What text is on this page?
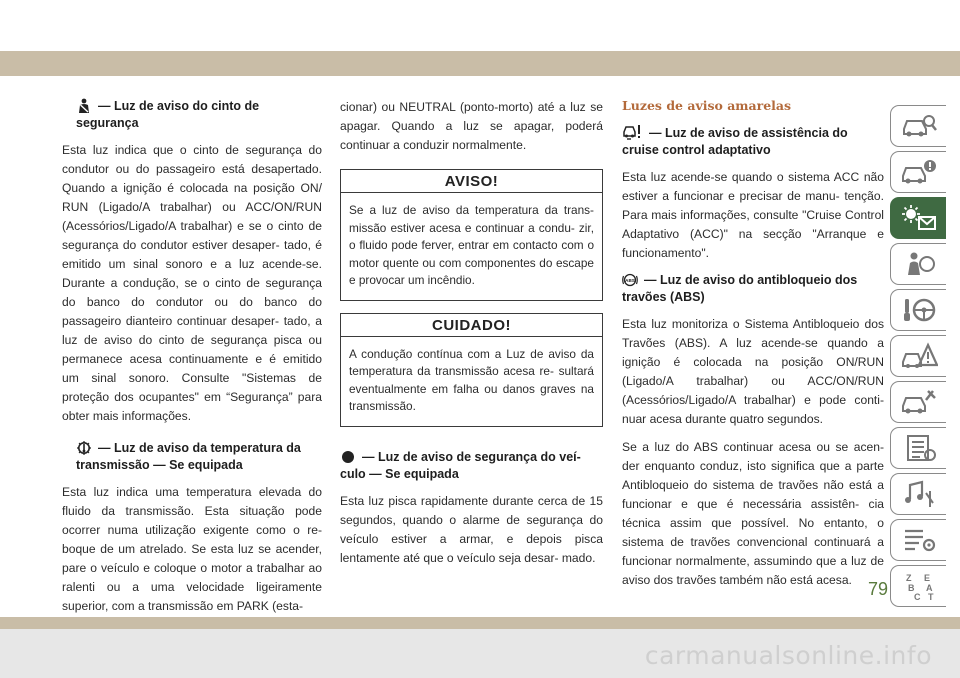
— Luz de aviso do cinto de segurança

Esta luz indica que o cinto de segurança do condutor ou do passageiro está desapertado. Quando a ignição é colocada na posição ON/ RUN (Ligado/A trabalhar) ou ACC/ON/RUN (Acessórios/Ligado/A trabalhar) e se o cinto de segurança do condutor estiver desaper- tado, é emitido um sinal sonoro e a luz acende-se. Durante a condução, se o cinto de segurança do banco do condutor ou do banco do passageiro dianteiro continuar desaper- tado, a luz de aviso do cinto de segurança pisca ou permanece acesa continuamente e é emitido um sinal sonoro. Consulte "Sistemas de proteção dos ocupantes" em “Segurança” para obter mais informações.

— Luz de aviso da temperatura da transmissão — Se equipada

Esta luz indica uma temperatura elevada do fluido da transmissão. Esta situação pode ocorrer numa utilização exigente como o re- boque de um atrelado. Se esta luz se acender, pare o veículo e coloque o motor a trabalhar ao ralenti ou a uma velocidade ligeiramente superior, com a transmissão em PARK (esta-

cionar) ou NEUTRAL (ponto-morto) até a luz se apagar. Quando a luz se apagar, poderá continuar a conduzir normalmente.

AVISO!
Se a luz de aviso da temperatura da trans- missão estiver acesa e continuar a condu- zir, o fluido pode ferver, entrar em contacto com o motor quente ou com componentes do escape e provocar um incêndio.
CUIDADO!
A condução contínua com a Luz de aviso da temperatura da transmissão acesa re- sultará eventualmente em falha ou danos graves na transmissão.
— Luz de aviso de segurança do veí- culo — Se equipada

Esta luz pisca rapidamente durante cerca de 15 segundos, quando o alarme de segurança do veículo estiver a armar, e depois pisca lentamente até que o veículo seja desar- mado.

Luzes de aviso amarelas
— Luz de aviso de assistência do cruise control adaptativo

Esta luz acende-se quando o sistema ACC não estiver a funcionar e precisar de manu- tenção. Para mais informações, consulte "Cruise Control Adaptativo (ACC)" na secção "Arranque e funcionamento".

ABS — Luz de aviso do antibloqueio dos travões (ABS)

Esta luz monitoriza o Sistema Antibloqueio dos Travões (ABS). A luz acende-se quando a ignição é colocada na posição ON/RUN (Ligado/A trabalhar) ou ACC/ON/RUN (Acessórios/Ligado/A trabalhar) e pode conti- nuar acesa durante quatro segundos.

Se a luz do ABS continuar acesa ou se acen- der enquanto conduz, isto significa que a parte Antibloqueio do sistema de travões não está a funcionar e que é necessária assistên- cia técnica assim que possível. No entanto, o sistema de travões convencional continuará a funcionar normalmente, assumindo que a luz de aviso dos travões também não está acesa.	Z
B
E
A
C T
79
carmanualsonline.info
